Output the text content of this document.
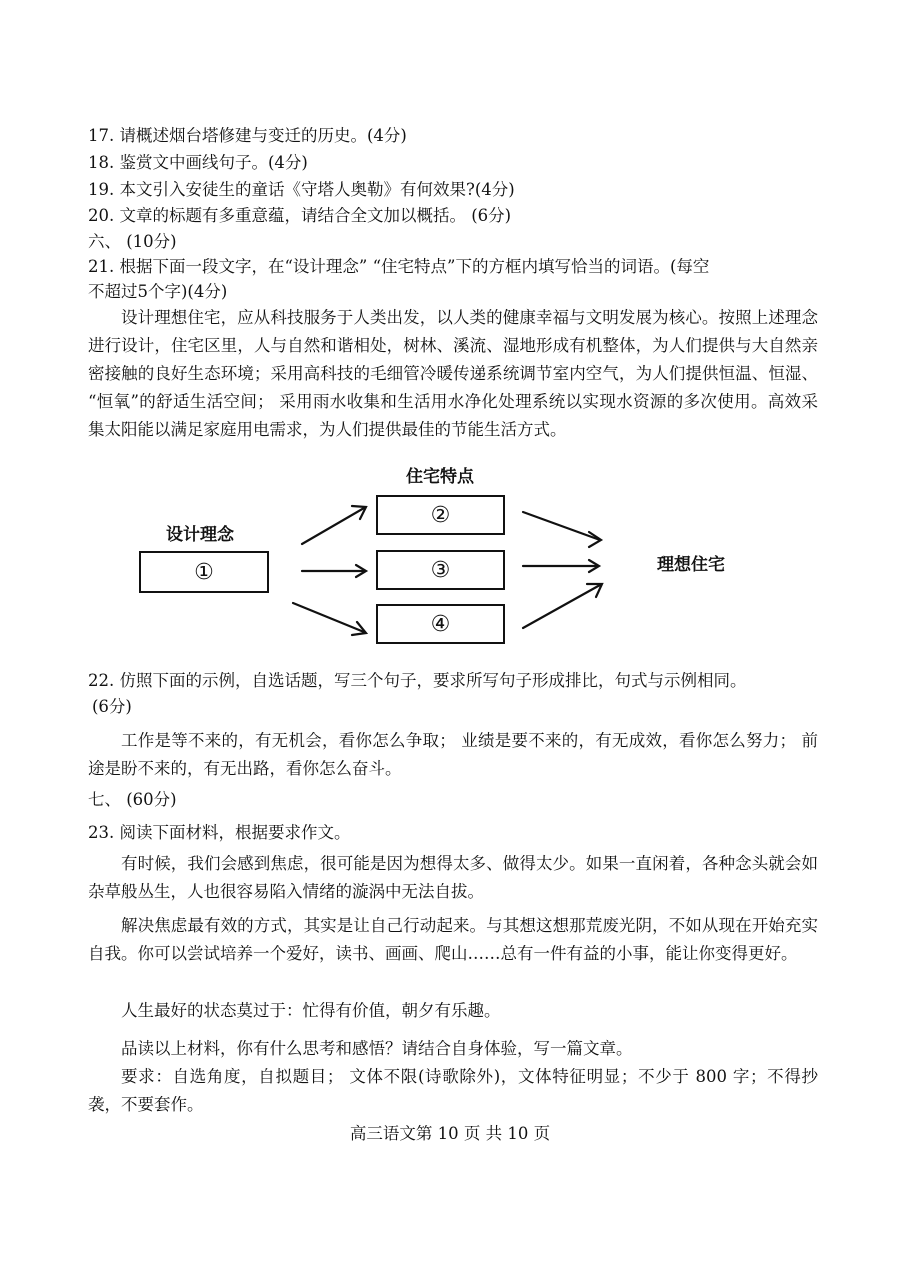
17. 请概述烟台塔修建与变迁的历史。(4分)
18. 鉴赏文中画线句子。(4分)
19. 本文引入安徒生的童话《守塔人奥勒》有何效果?(4分)
20. 文章的标题有多重意蕴，请结合全文加以概括。 (6分)
六、 (10分)
21. 根据下面一段文字，在“设计理念” “住宅特点”下的方框内填写恰当的词语。(每空
不超过5个字)(4分)
设计理想住宅，应从科技服务于人类出发，以人类的健康幸福与文明发展为核心。按照上述理念进行设计，住宅区里，人与自然和谐相处，树林、溪流、湿地形成有机整体，为人们提供与大自然亲密接触的良好生态环境；采用高科技的毛细管冷暖传递系统调节室内空气，为人们提供恒温、恒湿、 “恒氧”的舒适生活空间； 采用雨水收集和生活用水净化处理系统以实现水资源的多次使用。高效采集太阳能以满足家庭用电需求，为人们提供最佳的节能生活方式。
住宅特点
设计理念
理想住宅
①
②
③
④
22. 仿照下面的示例，自选话题，写三个句子，要求所写句子形成排比，句式与示例相同。
(6分)
工作是等不来的，有无机会，看你怎么争取； 业绩是要不来的，有无成效，看你怎么努力； 前途是盼不来的，有无出路，看你怎么奋斗。
七、 (60分)
23. 阅读下面材料，根据要求作文。
有时候，我们会感到焦虑，很可能是因为想得太多、做得太少。如果一直闲着，各种念头就会如杂草般丛生，人也很容易陷入情绪的漩涡中无法自拔。
解决焦虑最有效的方式，其实是让自己行动起来。与其想这想那荒废光阴，不如从现在开始充实自我。你可以尝试培养一个爱好，读书、画画、爬山……总有一件有益的小事，能让你变得更好。
人生最好的状态莫过于：忙得有价值，朝夕有乐趣。
品读以上材料，你有什么思考和感悟？请结合自身体验，写一篇文章。
要求：自选角度，自拟题目； 文体不限(诗歌除外)，文体特征明显；不少于 800 字；不得抄袭，不要套作。
高三语文第 10 页 共 10 页
